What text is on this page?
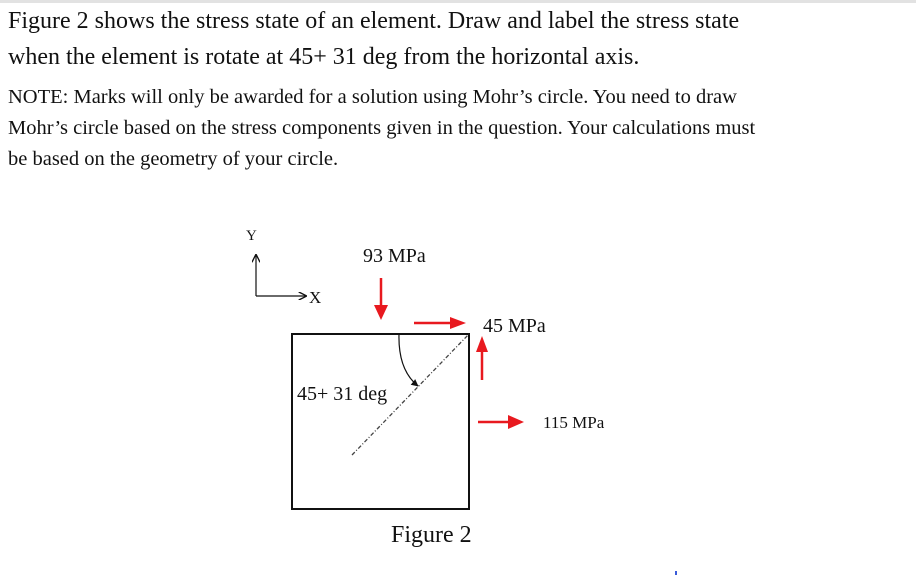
Figure 2 shows the stress state of an element. Draw and label the stress state
when the element is rotate at 45+ 31 deg from the horizontal axis.
NOTE: Marks will only be awarded for a solution using Mohr’s circle. You need to draw
Mohr’s circle based on the stress components given in the question. Your calculations must
be based on the geometry of your circle.
Y
X
93 MPa
45 MPa
115 MPa
45+ 31 deg
Figure 2
